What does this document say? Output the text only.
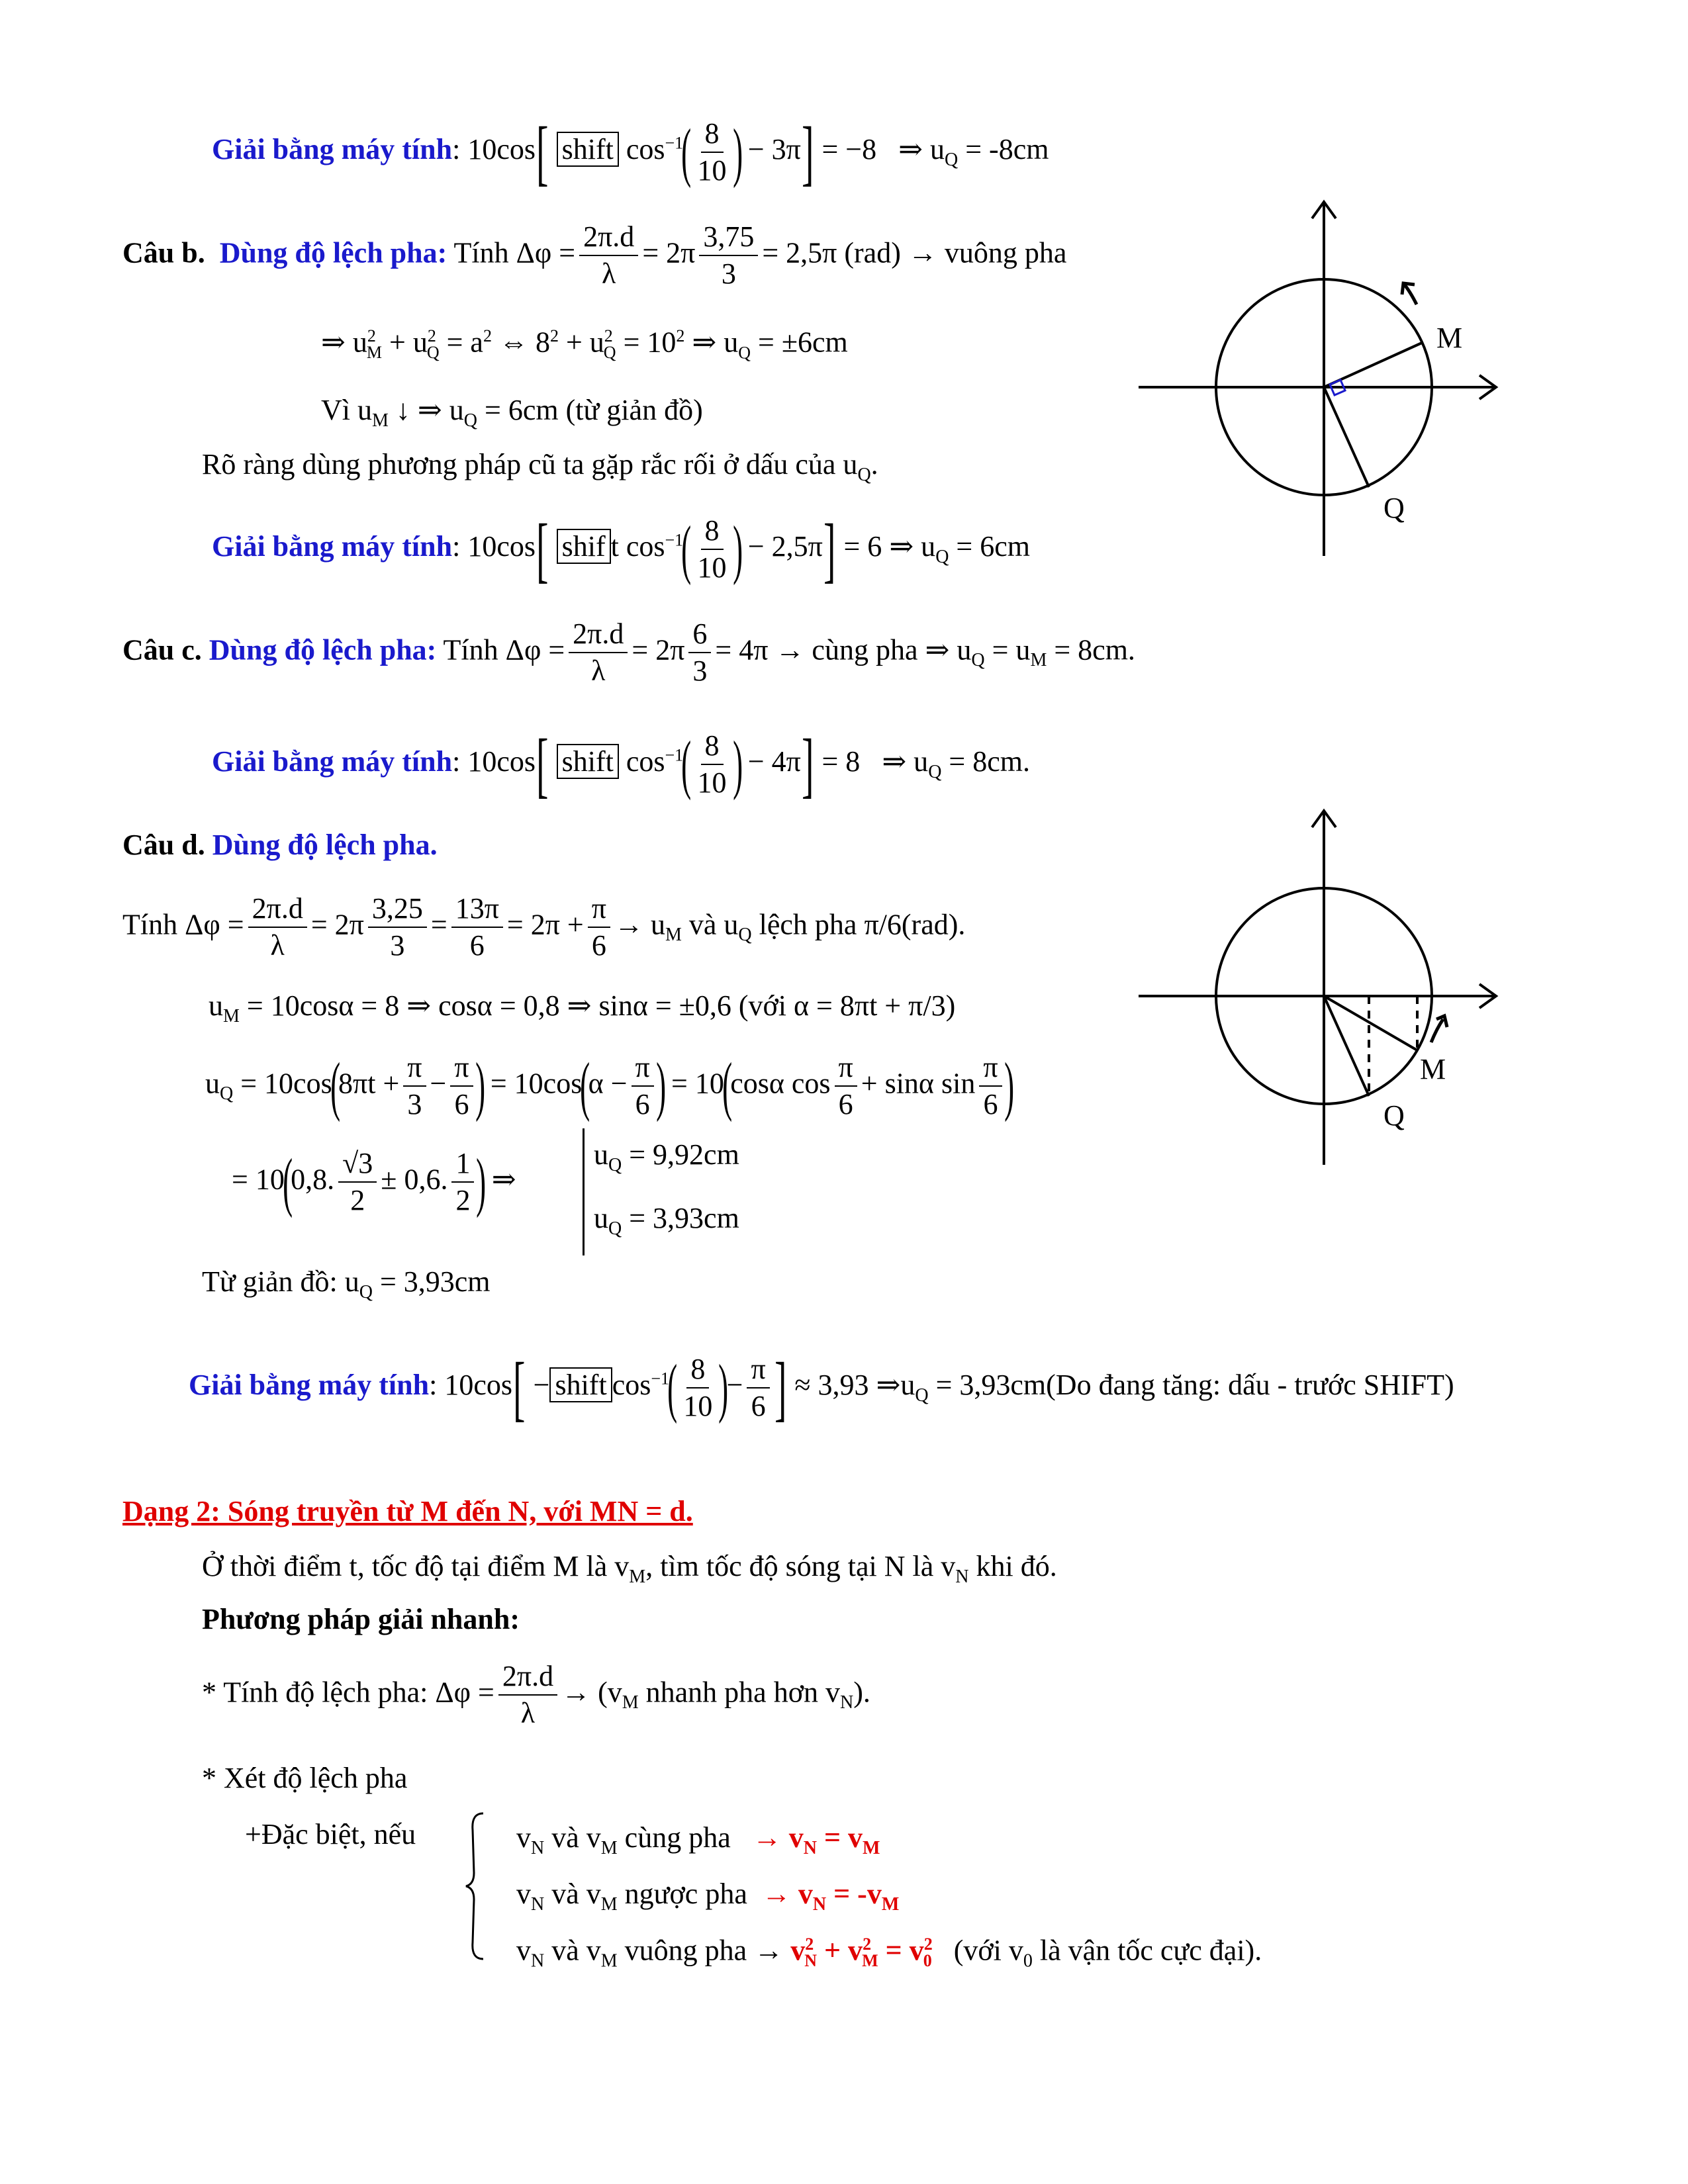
Giải bằng máy tính: 10cos[ shift $\cos^{-1}( \frac{8}{10}$ ) − 3π] = −8 ⇒ $u_Q = -8cm$
Câu b. Dùng độ lệch pha: Tính $\Delta\varphi = \frac{2\pi.d}{\lambda} = 2\pi \frac{3,75}{3} = 2,5\pi$ (rad) → vuông pha
⇒ $u^2_M + u^2_Q = a^2$ ⇔ $8^2 + u^2_Q = 10^2$ ⇒ $u_Q = \pm 6cm$
Vì $u_M$ ↓ ⇒ $u_Q = 6cm$ (từ giản đồ)
Rõ ràng dùng phương pháp cũ ta gặp rắc rối ở dấu của $u_Q$.
Giải bằng máy tính: 10cos[ shif t $\cos^{-1}( \frac{8}{10}$ ) − 2,5π] = 6 ⇒ $u_Q = 6cm$
Câu c. Dùng độ lệch pha: Tính $\Delta\varphi = \frac{2\pi.d}{\lambda} = 2\pi \frac{6}{3} = 4\pi$ → cùng pha ⇒ $u_Q = u_M = 8cm$.
Giải bằng máy tính: 10cos[ shift $\cos^{-1}( \frac{8}{10}$ ) − 4π] = 8 ⇒ $u_Q = 8cm$.
Câu d. Dùng độ lệch pha.
Tính $\Delta\varphi = \frac{2\pi.d}{\lambda} = 2\pi \frac{3,25}{3} = \frac{13\pi}{6} = 2\pi + \frac{\pi}{6} \to u_M$ và $u_Q$ lệch pha π/6(rad).
$u_M = 10\cos\alpha = 8$ ⇒ cosα = 0,8 ⇒ sinα = ±0,6 (với α = 8πt + π/3)
$u_Q = 10\cos(8\pi t + \frac{\pi}{3} - \frac{\pi}{6}$ ) = $10\cos(\alpha - \frac{\pi}{6}$ ) = 10(cosα $\cos \frac{\pi}{6} + \sin\alpha$ $\sin \frac{\pi}{6}$ )
= 10(0,8. $\frac{√3}{2} \pm 0,6$. $\frac{1}{2}$ ) ⇒
$u_Q = 9,92cm$
$u_Q = 3,93cm$
Từ giản đồ: $u_Q = 3,93cm$
Giải bằng máy tính: 10cos[ − shift $\cos^{-1}( \frac{8}{10}$ )− $\frac{\pi}{6}$ ] ≈ 3,93 $\Rightarrow u_Q = 3,93cm(Do$ đang tăng: dấu - trước SHIFT)
Dạng 2: Sóng truyền từ M đến N, với MN = d.
Ở thời điểm t, tốc độ tại điểm M là $v_M$, tìm tốc độ sóng tại N là $v_N$ khi đó.
Phương pháp giải nhanh:
* Tính độ lệch pha: $\Delta\varphi = \frac{2\pi.d}{\lambda} \to (v_M$ nhanh pha hơn $v_N$).
* Xét độ lệch pha
+Đặc biệt, nếu	$v_N$ và $v_M$ cùng pha → $v_N = v_M$
$v_N$ và $v_M$ ngược pha → $v_N = -v_M$
$v_N$ và $v_M$ vuông pha → $v^2_N + v^2_M = v^2_0$ (với $v_0$ là vận tốc cực đại).
M
Q
M
Q
